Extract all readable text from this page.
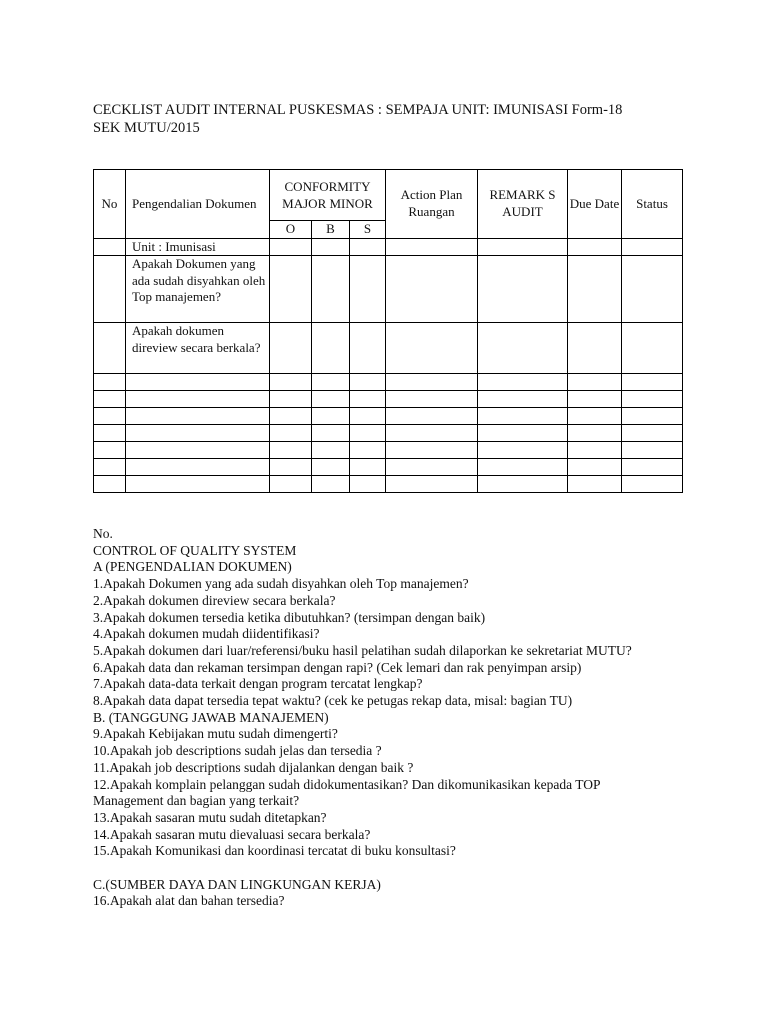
CECKLIST AUDIT INTERNAL PUSKESMAS : SEMPAJA UNIT: IMUNISASI Form-18
SEK MUTU/2015
No	Pengendalian Dokumen	CONFORMITY MAJOR MINOR			Action Plan Ruangan	REMARK S AUDIT	Due Date	Status
		O	B	S				
	Unit : Imunisasi							
	Apakah Dokumen yang ada sudah disyahkan oleh Top manajemen?							
	Apakah dokumen direview secara berkala?							

No.
CONTROL OF QUALITY SYSTEM
A (PENGENDALIAN DOKUMEN)
1.Apakah Dokumen yang ada sudah disyahkan oleh Top manajemen?
2.Apakah dokumen direview secara berkala?
3.Apakah dokumen tersedia ketika dibutuhkan? (tersimpan dengan baik)
4.Apakah dokumen mudah diidentifikasi?
5.Apakah dokumen dari luar/referensi/buku hasil pelatihan sudah dilaporkan ke sekretariat MUTU?
6.Apakah data dan rekaman tersimpan dengan rapi? (Cek lemari dan rak penyimpan arsip)
7.Apakah data-data terkait dengan program tercatat lengkap?
8.Apakah data dapat tersedia tepat waktu? (cek ke petugas rekap data, misal: bagian TU)
B. (TANGGUNG JAWAB MANAJEMEN)
9.Apakah Kebijakan mutu sudah dimengerti?
10.Apakah job descriptions sudah jelas dan tersedia ?
11.Apakah job descriptions sudah dijalankan dengan baik ?
12.Apakah komplain pelanggan sudah didokumentasikan? Dan dikomunikasikan kepada TOP Management dan bagian yang terkait?
13.Apakah sasaran mutu sudah ditetapkan?
14.Apakah sasaran mutu dievaluasi secara berkala?
15.Apakah Komunikasi dan koordinasi tercatat di buku konsultasi?
C.(SUMBER DAYA DAN LINGKUNGAN KERJA)
16.Apakah alat dan bahan tersedia?
